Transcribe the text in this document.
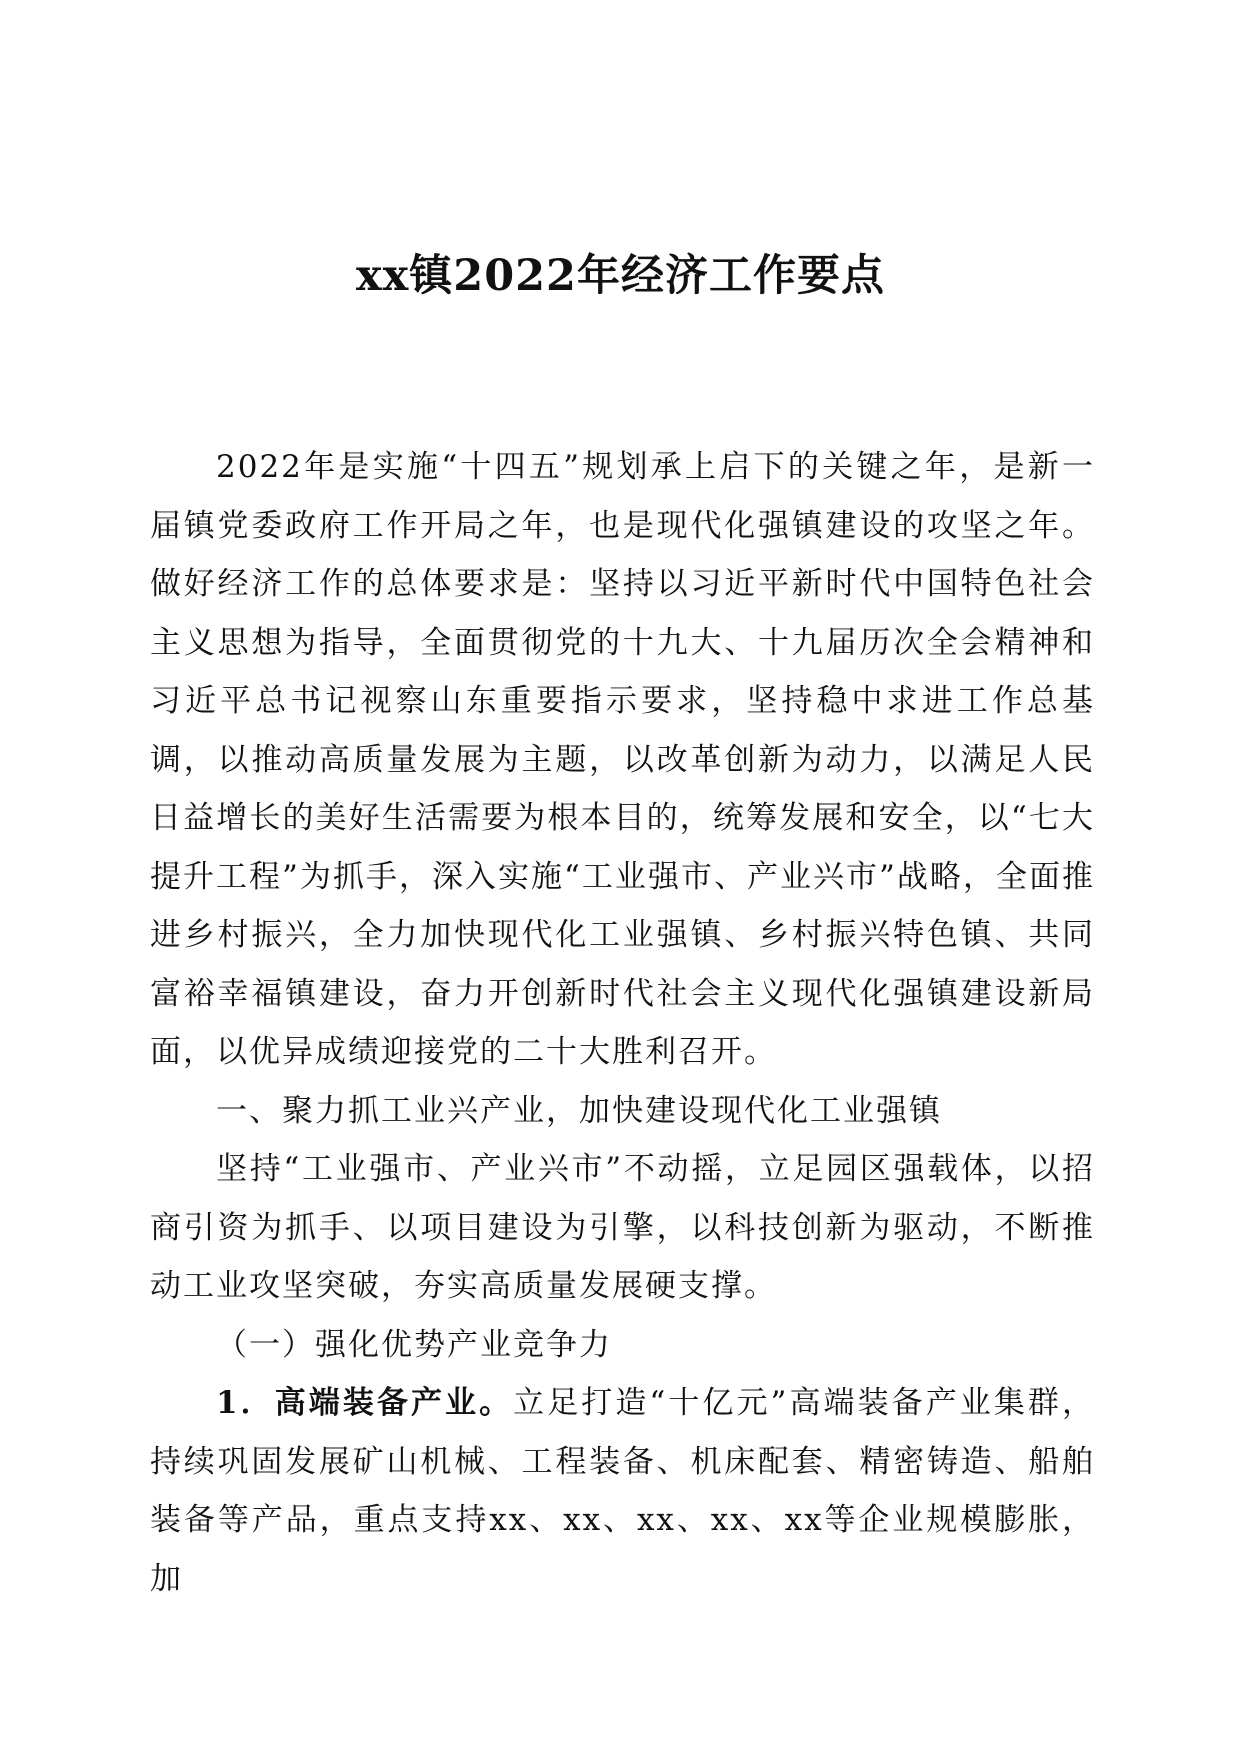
xx镇2022年经济工作要点

2022年是实施“十四五”规划承上启下的关键之年，是新一届镇党委政府工作开局之年，也是现代化强镇建设的攻坚之年。做好经济工作的总体要求是：坚持以习近平新时代中国特色社会主义思想为指导，全面贯彻党的十九大、十九届历次全会精神和习近平总书记视察山东重要指示要求，坚持稳中求进工作总基调，以推动高质量发展为主题，以改革创新为动力，以满足人民日益增长的美好生活需要为根本目的，统筹发展和安全，以“七大提升工程”为抓手，深入实施“工业强市、产业兴市”战略，全面推进乡村振兴，全力加快现代化工业强镇、乡村振兴特色镇、共同富裕幸福镇建设，奋力开创新时代社会主义现代化强镇建设新局面，以优异成绩迎接党的二十大胜利召开。

一、聚力抓工业兴产业，加快建设现代化工业强镇

坚持“工业强市、产业兴市”不动摇，立足园区强载体，以招商引资为抓手、以项目建设为引擎，以科技创新为驱动，不断推动工业攻坚突破，夯实高质量发展硬支撑。

（一）强化优势产业竞争力

1．高端装备产业。立足打造“十亿元”高端装备产业集群，持续巩固发展矿山机械、工程装备、机床配套、精密铸造、船舶装备等产品，重点支持xx、xx、xx、xx、xx等企业规模膨胀，加
